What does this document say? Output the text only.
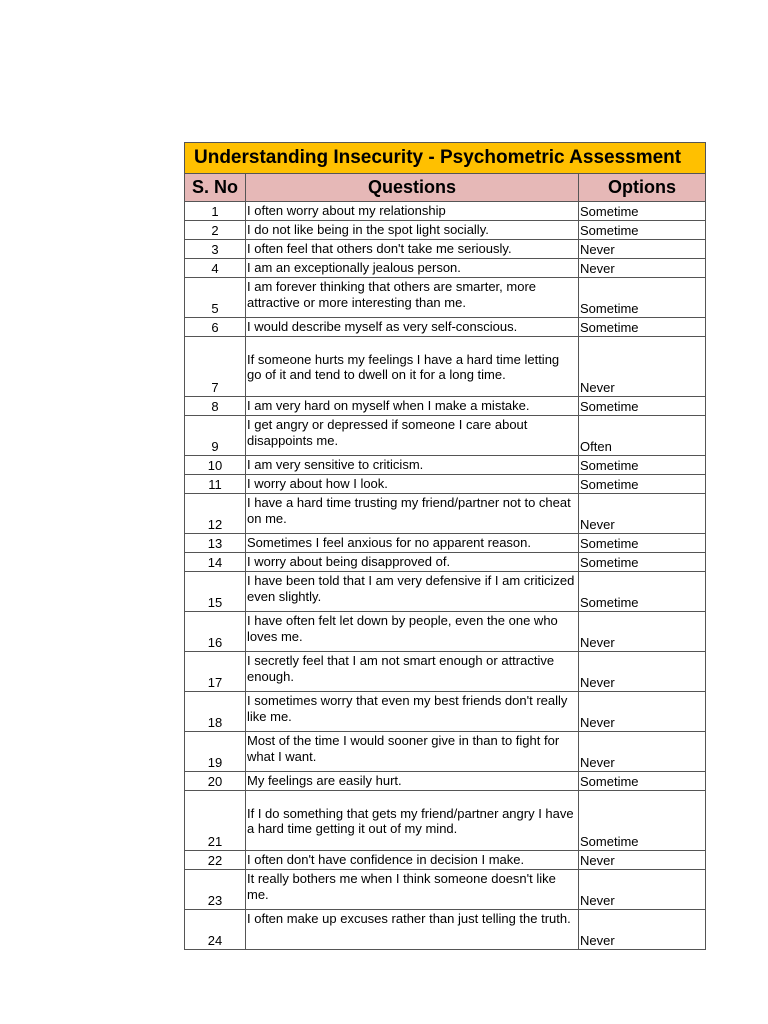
Understanding Insecurity - Psychometric Assessment		
S. No	Questions	Options
1	I often worry about my relationship	Sometime
2	I do not like being in the spot light socially.	Sometime
3	I often feel that others don't take me seriously.	Never
4	I am an exceptionally jealous person.	Never
5	I am forever thinking that others are smarter, more attractive or more interesting than me.	Sometime
6	I would describe myself as very self-conscious.	Sometime
7	If someone hurts my feelings I have a hard time letting go of it and tend to dwell on it for a long time.	Never
8	I am very hard on myself when I make a mistake.	Sometime
9	I get angry or depressed if someone I care about disappoints me.	Often
10	I am very sensitive to criticism.	Sometime
11	I worry about how I look.	Sometime
12	I have a hard time trusting my friend/partner not to cheat on me.	Never
13	Sometimes I feel anxious for no apparent reason.	Sometime
14	I worry about being disapproved of.	Sometime
15	I have been told that I am very defensive if I am criticized even slightly.	Sometime
16	I have often felt let down by people, even the one who loves me.	Never
17	I secretly feel that I am not smart enough or attractive enough.	Never
18	I sometimes worry that even my best friends don't really like me.	Never
19	Most of the time I would sooner give in than to fight for what I want.	Never
20	My feelings are easily hurt.	Sometime
21	If I do something that gets my friend/partner angry I have a hard time getting it out of my mind.	Sometime
22	I often don't have confidence in decision I make.	Never
23	It really bothers me when I think someone doesn't like me.	Never
24	I often make up excuses rather than just telling the truth.	Never
